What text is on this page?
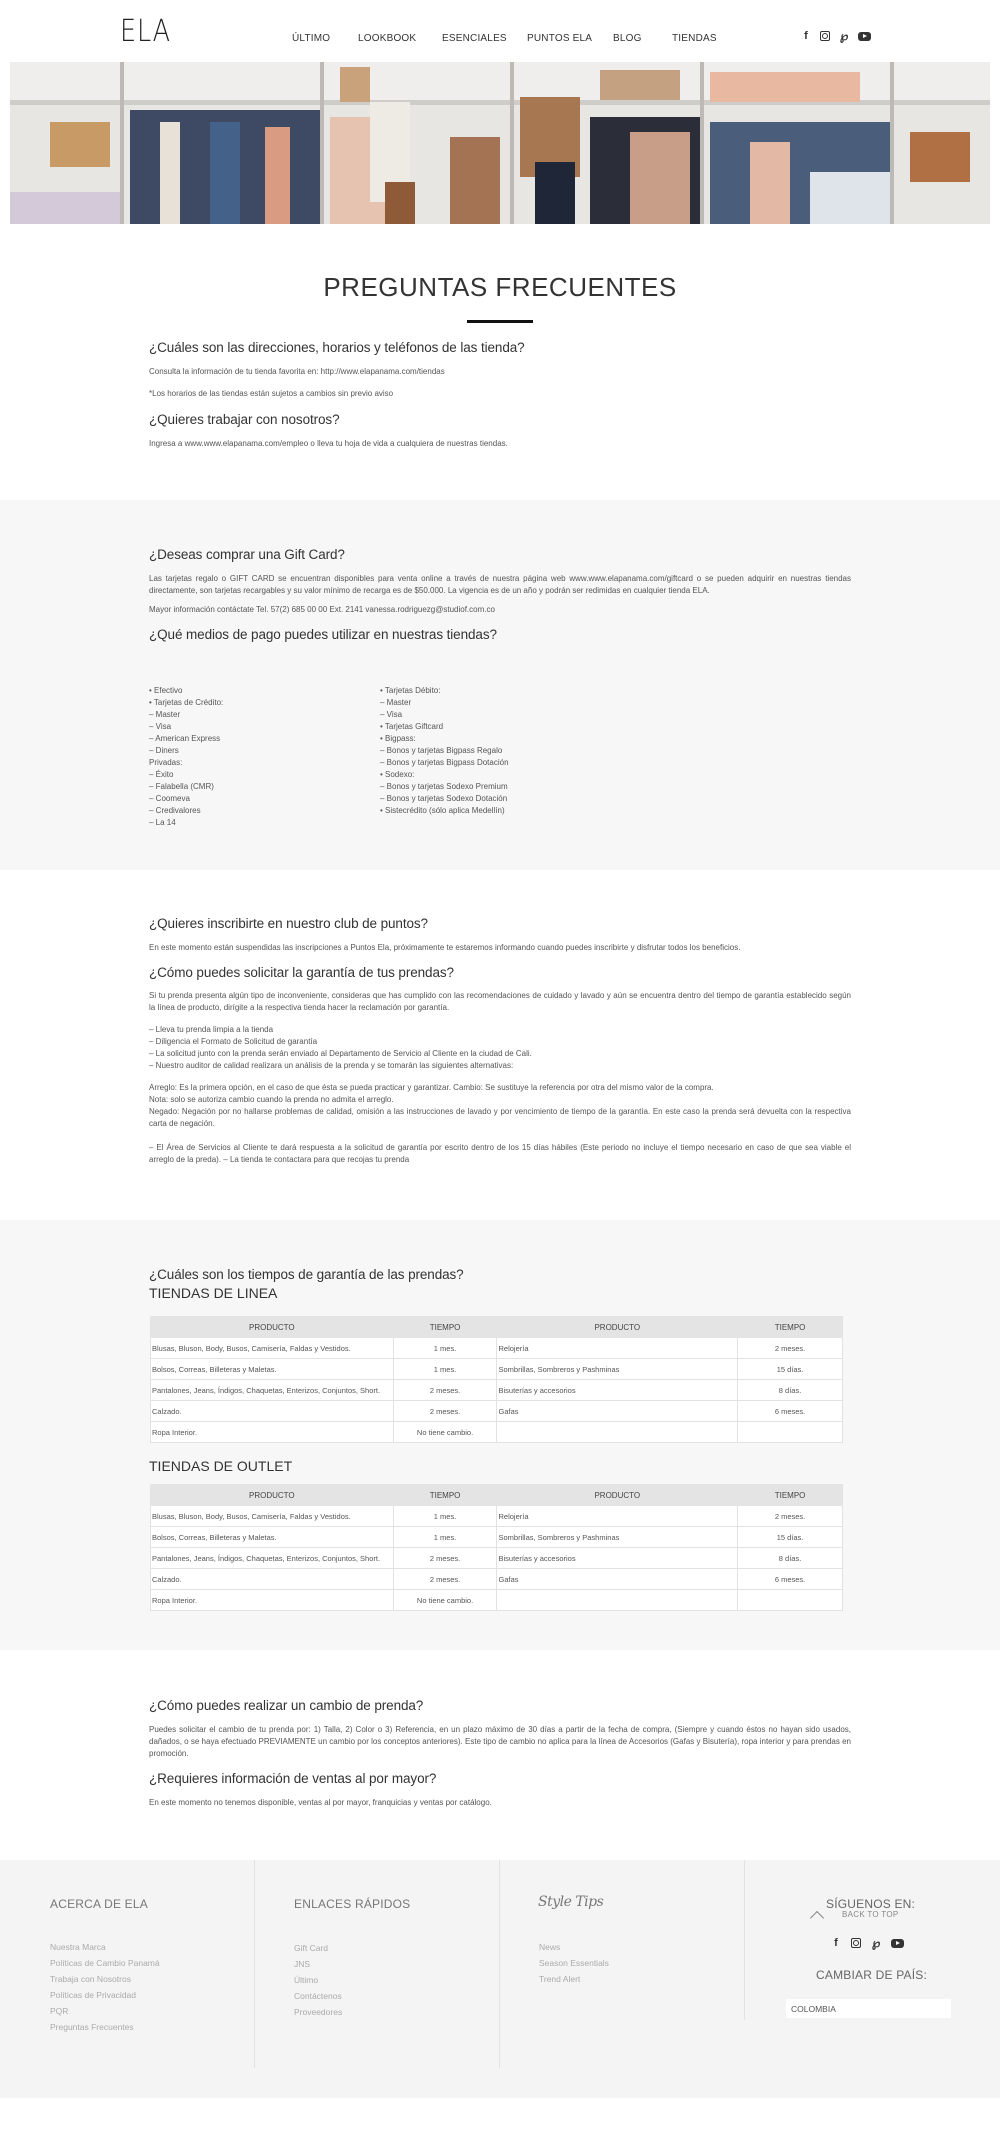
ELA	ÚLTIMO	LOOKBOOK	ESENCIALES PUNTOS ELA BLOG	TIENDAS	f	℘
PREGUNTAS FRECUENTES
¿Cuáles son las direcciones, horarios y teléfonos de las tienda?
Consulta la información de tu tienda favorita en: http://www.elapanama.com/tiendas
*Los horarios de las tiendas están sujetos a cambios sin previo aviso
¿Quieres trabajar con nosotros?
Ingresa a www.www.elapanama.com/empleo o lleva tu hoja de vida a cualquiera de nuestras tiendas.
¿Deseas comprar una Gift Card?
Las tarjetas regalo o GIFT CARD se encuentran disponibles para venta online a través de nuestra página web www.www.elapanama.com/giftcard o se pueden adquirir en nuestras tiendas directamente, son tarjetas recargables y su valor mínimo de recarga es de $50.000. La vigencia es de un año y podrán ser redimidas en cualquier tienda ELA.
Mayor información contáctate Tel. 57(2) 685 00 00 Ext. 2141 vanessa.rodriguezg@studiof.com.co
¿Qué medios de pago puedes utilizar en nuestras tiendas?
• Efectivo
• Tarjetas de Crédito:
– Master
– Visa
– American Express
– Diners
Privadas:
– Éxito
– Falabella (CMR)
– Coomeva
– Credivalores
– La 14
• Tarjetas Débito:
– Master
– Visa
• Tarjetas Giftcard
• Bigpass:
– Bonos y tarjetas Bigpass Regalo
– Bonos y tarjetas Bigpass Dotación
• Sodexo:
– Bonos y tarjetas Sodexo Premium
– Bonos y tarjetas Sodexo Dotación
• Sistecrédito (sólo aplica Medellín)
¿Quieres inscribirte en nuestro club de puntos?
En este momento están suspendidas las inscripciones a Puntos Ela, próximamente te estaremos informando cuando puedes inscribirte y disfrutar todos los beneficios.
¿Cómo puedes solicitar la garantía de tus prendas?
Si tu prenda presenta algún tipo de inconveniente, consideras que has cumplido con las recomendaciones de cuidado y lavado y aún se encuentra dentro del tiempo de garantía establecido según la línea de producto, dirígite a la respectiva tienda hacer la reclamación por garantía.
– Lleva tu prenda limpia a la tienda
– Diligencia el Formato de Solicitud de garantía
– La solicitud junto con la prenda serán enviado al Departamento de Servicio al Cliente en la ciudad de Cali.
– Nuestro auditor de calidad realizara un análisis de la prenda y se tomarán las siguientes alternativas:
Arreglo: Es la primera opción, en el caso de que ésta se pueda practicar y garantizar. Cambio: Se sustituye la referencia por otra del mismo valor de la compra.
Nota: solo se autoriza cambio cuando la prenda no admita el arreglo.
Negado: Negación por no hallarse problemas de calidad, omisión a las instrucciones de lavado y por vencimiento de tiempo de la garantía. En este caso la prenda será devuelta con la respectiva carta de negación.
– El Área de Servicios al Cliente te dará respuesta a la solicitud de garantía por escrito dentro de los 15 días hábiles (Este periodo no incluye el tiempo necesario en caso de que sea viable el arreglo de la preda). – La tienda te contactara para que recojas tu prenda
¿Cuáles son los tiempos de garantía de las prendas?
TIENDAS DE LINEA
PRODUCTO	TIEMPO	PRODUCTO	TIEMPO
Blusas, Bluson, Body, Busos, Camisería, Faldas y Vestidos.	1 mes.	Relojería	2 meses.
Bolsos, Correas, Billeteras y Maletas.	1 mes.	Sombrillas, Sombreros y Pashminas	15 días.
Pantalones, Jeans, Índigos, Chaquetas, Enterizos, Conjuntos, Short.	2 meses.	Bisuterías y accesorios	8 días.
Calzado.	2 meses.	Gafas	6 meses.
Ropa Interior.	No tiene cambio.		
TIENDAS DE OUTLET
PRODUCTO	TIEMPO	PRODUCTO	TIEMPO
Blusas, Bluson, Body, Busos, Camisería, Faldas y Vestidos.	1 mes.	Relojería	2 meses.
Bolsos, Correas, Billeteras y Maletas.	1 mes.	Sombrillas, Sombreros y Pashminas	15 días.
Pantalones, Jeans, Índigos, Chaquetas, Enterizos, Conjuntos, Short.	2 meses.	Bisuterías y accesorios	8 días.
Calzado.	2 meses.	Gafas	6 meses.
Ropa Interior.	No tiene cambio.		
¿Cómo puedes realizar un cambio de prenda?
Puedes solicitar el cambio de tu prenda por: 1) Talla, 2) Color o 3) Referencia, en un plazo máximo de 30 días a partir de la fecha de compra, (Siempre y cuando éstos no hayan sido usados, dañados, o se haya efectuado PREVIAMENTE un cambio por los conceptos anteriores). Este tipo de cambio no aplica para la línea de Accesorios (Gafas y Bisutería), ropa interior y para prendas en promoción.
¿Requieres información de ventas al por mayor?
En este momento no tenemos disponible, ventas al por mayor, franquicias y ventas por catálogo.
ACERCA DE ELA
Nuestra Marca
Políticas de Cambio Panamá
Trabaja con Nosotros
Políticas de Privacidad
PQR
Preguntas Frecuentes
ENLACES RÁPIDOS
Gift Card
JNS
Último
Contáctenos
Proveedores
Style Tips
News
Season Essentials
Trend Alert
SÍGUENOS EN:
BACK TO TOP
f	℘
CAMBIAR DE PAÍS:
COLOMBIA
